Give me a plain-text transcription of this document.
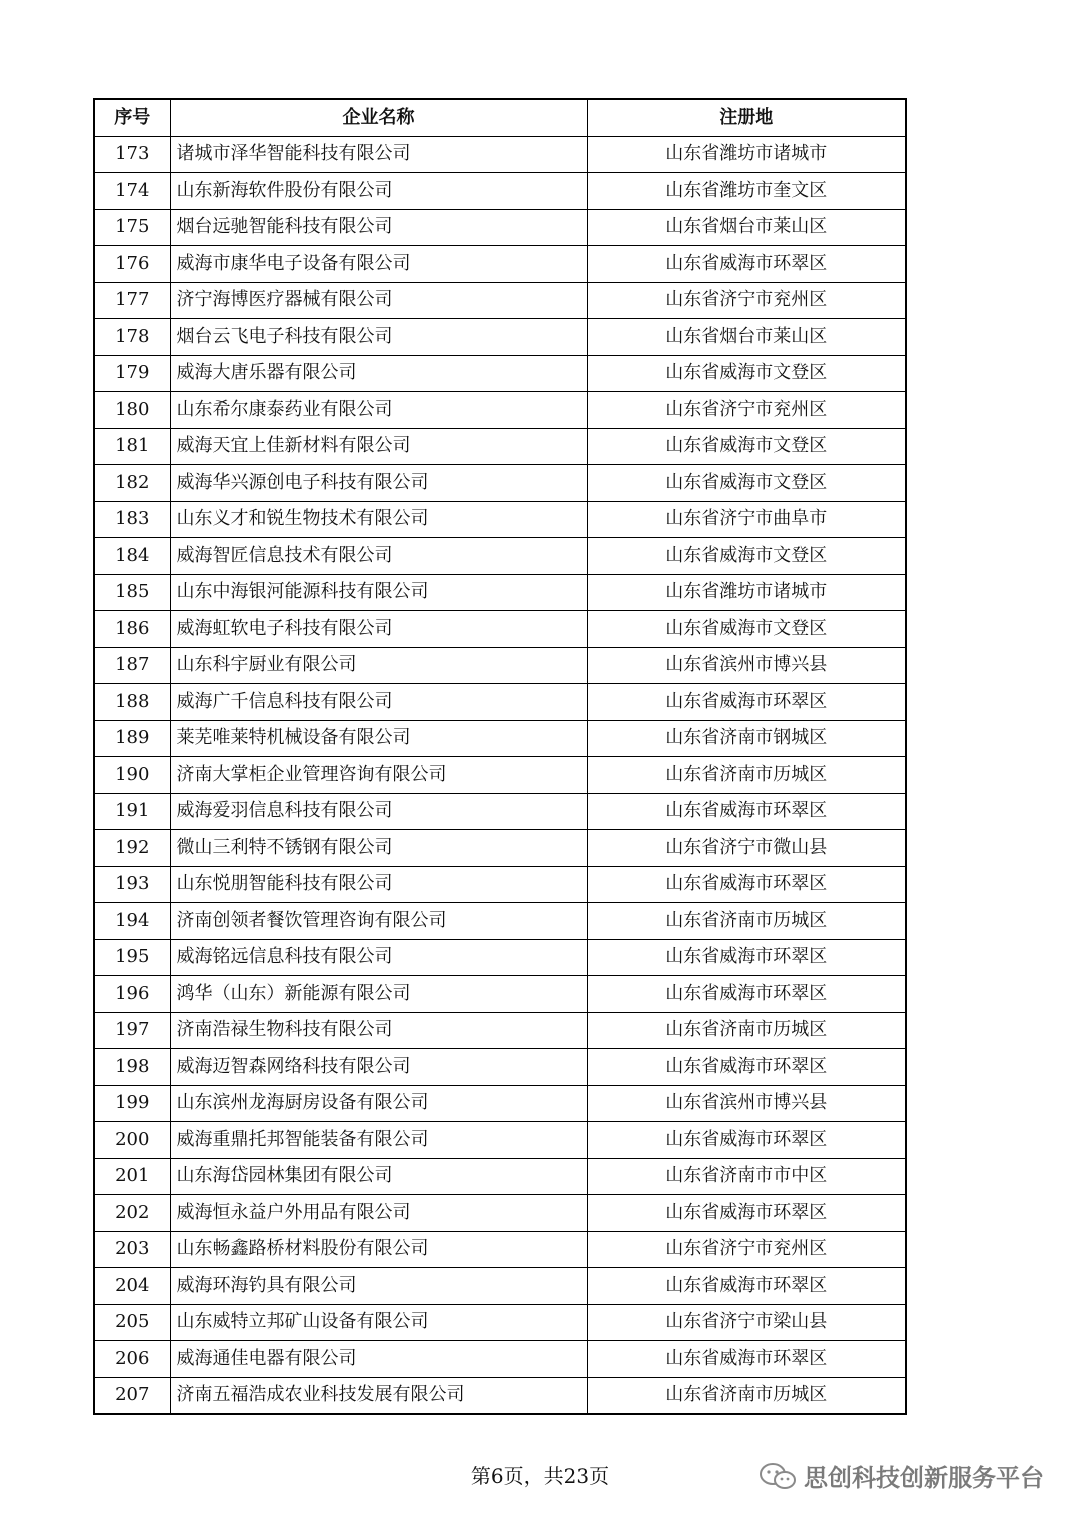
序号	企业名称	注册地
173	诸城市泽华智能科技有限公司	山东省潍坊市诸城市
174	山东新海软件股份有限公司	山东省潍坊市奎文区
175	烟台远驰智能科技有限公司	山东省烟台市莱山区
176	威海市康华电子设备有限公司	山东省威海市环翠区
177	济宁海博医疗器械有限公司	山东省济宁市兖州区
178	烟台云飞电子科技有限公司	山东省烟台市莱山区
179	威海大唐乐器有限公司	山东省威海市文登区
180	山东希尔康泰药业有限公司	山东省济宁市兖州区
181	威海天宜上佳新材料有限公司	山东省威海市文登区
182	威海华兴源创电子科技有限公司	山东省威海市文登区
183	山东义才和锐生物技术有限公司	山东省济宁市曲阜市
184	威海智匠信息技术有限公司	山东省威海市文登区
185	山东中海银河能源科技有限公司	山东省潍坊市诸城市
186	威海虹软电子科技有限公司	山东省威海市文登区
187	山东科宇厨业有限公司	山东省滨州市博兴县
188	威海广千信息科技有限公司	山东省威海市环翠区
189	莱芜唯莱特机械设备有限公司	山东省济南市钢城区
190	济南大掌柜企业管理咨询有限公司	山东省济南市历城区
191	威海爱羽信息科技有限公司	山东省威海市环翠区
192	微山三利特不锈钢有限公司	山东省济宁市微山县
193	山东悦朋智能科技有限公司	山东省威海市环翠区
194	济南创领者餐饮管理咨询有限公司	山东省济南市历城区
195	威海铭远信息科技有限公司	山东省威海市环翠区
196	鸿华（山东）新能源有限公司	山东省威海市环翠区
197	济南浩禄生物科技有限公司	山东省济南市历城区
198	威海迈智森网络科技有限公司	山东省威海市环翠区
199	山东滨州龙海厨房设备有限公司	山东省滨州市博兴县
200	威海重鼎托邦智能装备有限公司	山东省威海市环翠区
201	山东海岱园林集团有限公司	山东省济南市市中区
202	威海恒永益户外用品有限公司	山东省威海市环翠区
203	山东畅鑫路桥材料股份有限公司	山东省济宁市兖州区
204	威海环海钓具有限公司	山东省威海市环翠区
205	山东威特立邦矿山设备有限公司	山东省济宁市梁山县
206	威海通佳电器有限公司	山东省威海市环翠区
207	济南五福浩成农业科技发展有限公司	山东省济南市历城区
第6页，共23页	思创科技创新服务平台
